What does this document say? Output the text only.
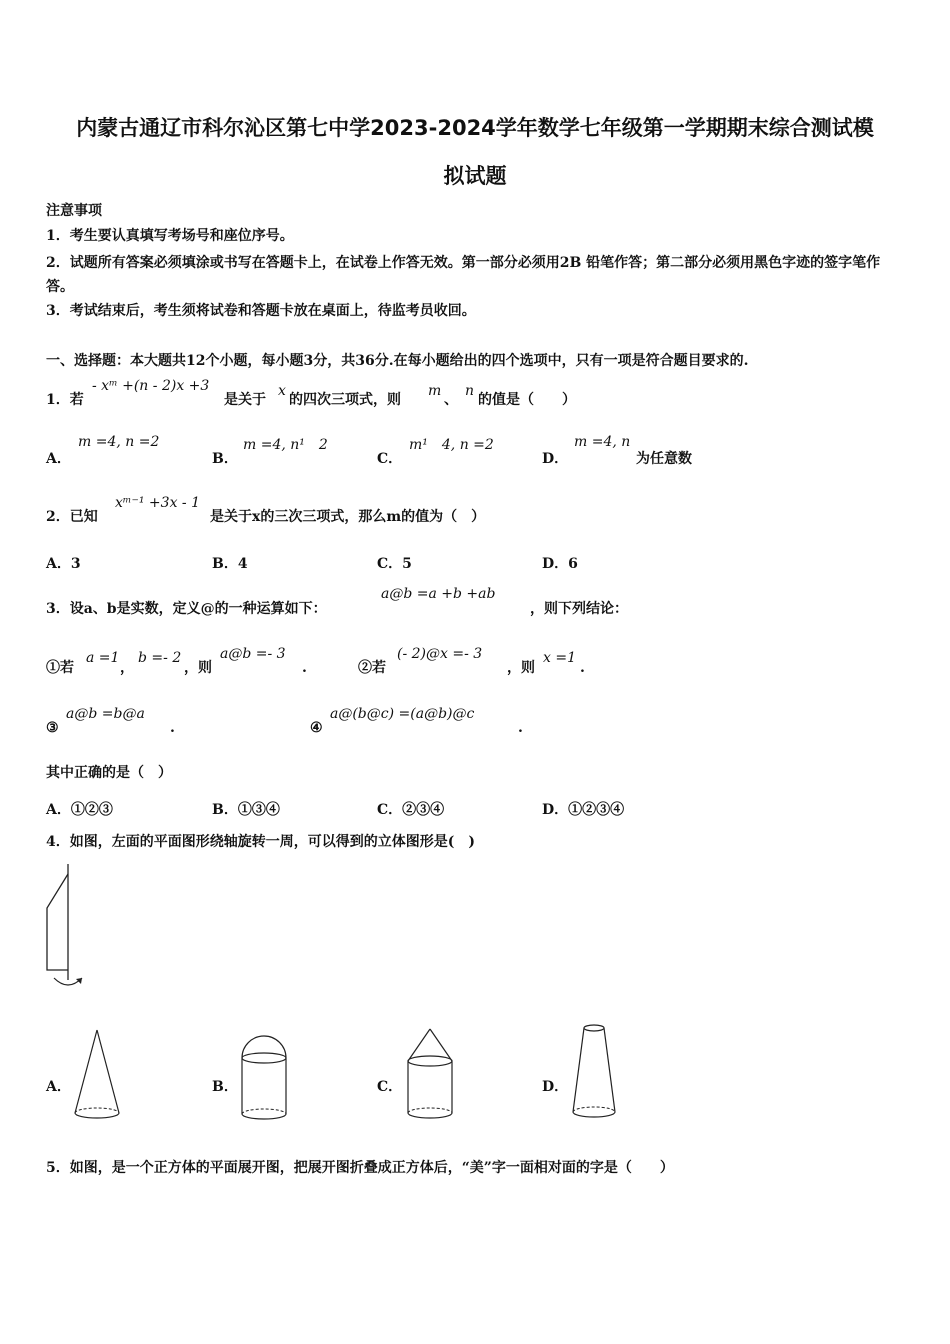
内蒙古通辽市科尔沁区第七中学2023-2024学年数学七年级第一学期期末综合测试模
拟试题
注意事项
1．考生要认真填写考场号和座位序号。
2．试题所有答案必须填涂或书写在答题卡上，在试卷上作答无效。第一部分必须用2B 铅笔作答；第二部分必须用黑色字迹的签字笔作答。
3．考试结束后，考生须将试卷和答题卡放在桌面上，待监考员收回。
一、选择题：本大题共12个小题，每小题3分，共36分.在每小题给出的四个选项中，只有一项是符合题目要求的.
1．若
- xᵐ +(n - 2)x +3
是关于
x
的四次三项式，则
m
、
n
的值是（　　）
A．
m =4, n =2
B．
m =4, n¹　2
C．
m¹　4, n =2
D．
m =4, n
为任意数
2．已知
xᵐ⁻¹ +3x - 1
是关于x的三次三项式，那么m的值为（　）
A．3	B．4	C．5	D．6
3．设a、b是实数，定义@的一种运算如下：
a@b =a +b +ab
，则下列结论：
①若
a =1
，
b =- 2
，则
a@b =- 3
.	②若
(- 2)@x =- 3
，则
x =1
.
③
a@b =b@a
.	④
a@(b@c) =(a@b)@c
.
其中正确的是（　）
A．①②③	B．①③④	C．②③④	D．①②③④
4．如图，左面的平面图形绕轴旋转一周，可以得到的立体图形是(　)
A．	B．	C．	D．
5．如图，是一个正方体的平面展开图，把展开图折叠成正方体后，“美”字一面相对面的字是（　　）
